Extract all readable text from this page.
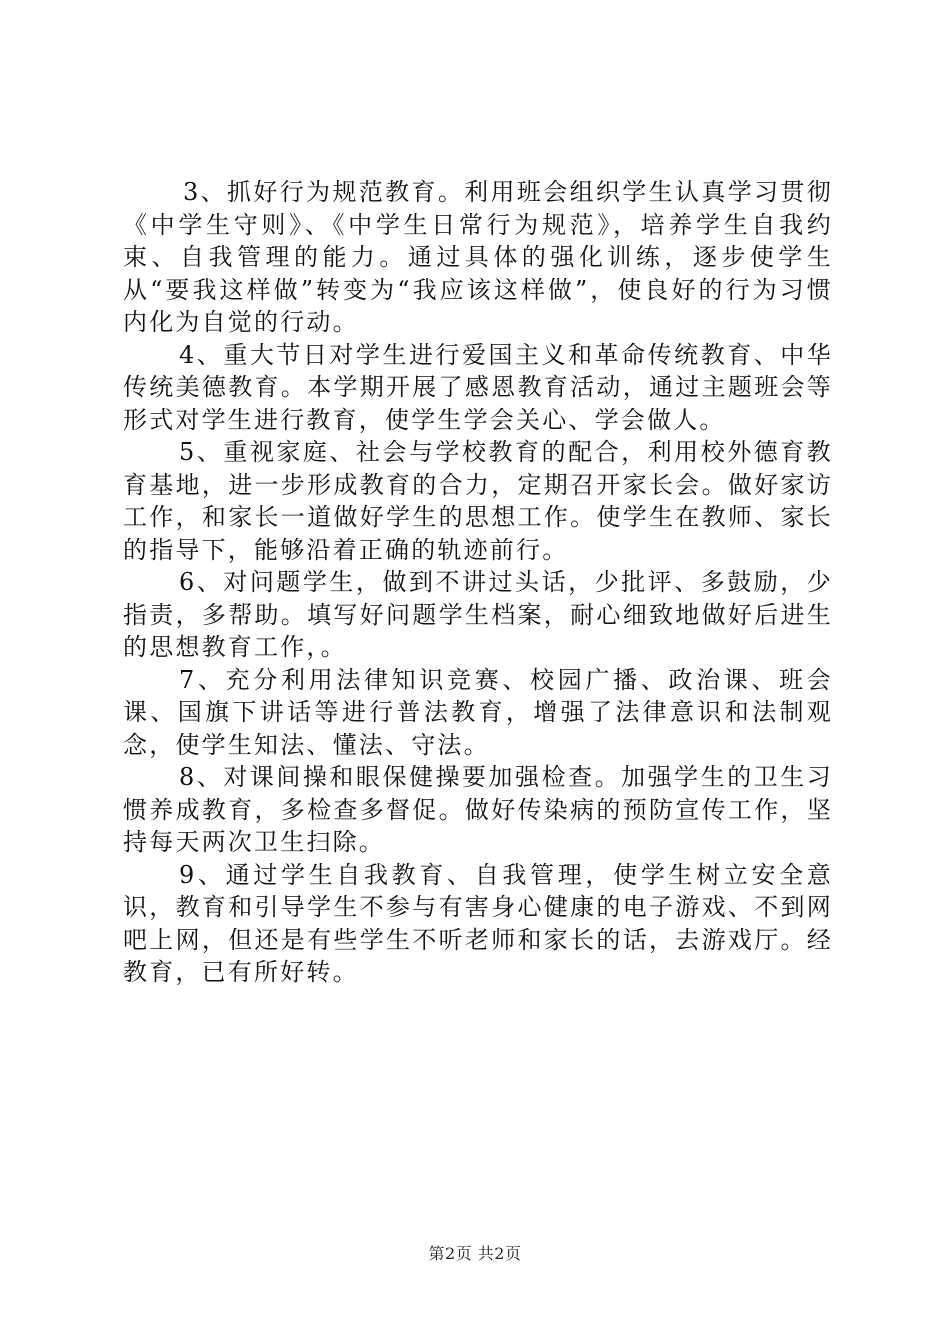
3、抓好行为规范教育。利用班会组织学生认真学习贯彻《中学生守则》、《中学生日常行为规范》，培养学生自我约束、自我管理的能力。通过具体的强化训练，逐步使学生从“要我这样做”转变为“我应该这样做”，使良好的行为习惯内化为自觉的行动。

4、重大节日对学生进行爱国主义和革命传统教育、中华传统美德教育。本学期开展了感恩教育活动，通过主题班会等形式对学生进行教育，使学生学会关心、学会做人。

5、重视家庭、社会与学校教育的配合，利用校外德育教育基地，进一步形成教育的合力，定期召开家长会。做好家访工作，和家长一道做好学生的思想工作。使学生在教师、家长的指导下，能够沿着正确的轨迹前行。

6、对问题学生，做到不讲过头话，少批评、多鼓励，少指责，多帮助。填写好问题学生档案，耐心细致地做好后进生的思想教育工作，。

7、充分利用法律知识竞赛、校园广播、政治课、班会课、国旗下讲话等进行普法教育，增强了法律意识和法制观念，使学生知法、懂法、守法。

8、对课间操和眼保健操要加强检查。加强学生的卫生习惯养成教育，多检查多督促。做好传染病的预防宣传工作，坚持每天两次卫生扫除。

9、通过学生自我教育、自我管理，使学生树立安全意识，教育和引导学生不参与有害身心健康的电子游戏、不到网吧上网，但还是有些学生不听老师和家长的话，去游戏厅。经教育，已有所好转。

第2页 共2页
